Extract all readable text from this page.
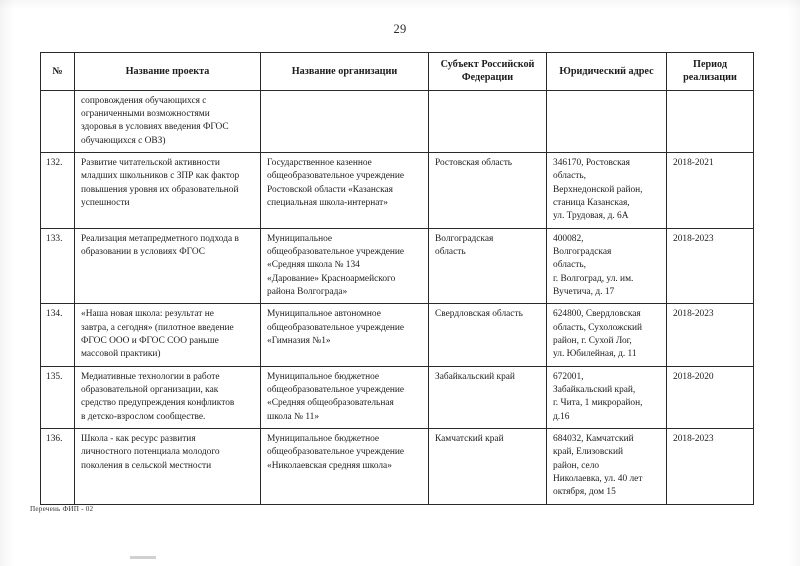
29
№	Название проекта	Название организации	Субъект Российской Федерации	Юридический адрес	Период реализации

	сопровождения обучающихся с
ограниченными возможностями
здоровья в условиях введения ФГОС
обучающихся с ОВЗ)				

132.	Развитие читательской активности
младших школьников с ЗПР как фактор
повышения уровня их образовательной
успешности	Государственное казенное
общеобразовательное учреждение
Ростовской области «Казанская
специальная школа-интернат»	Ростовская область	346170, Ростовская
область,
Верхнедонской район,
станица Казанская,
ул. Трудовая, д. 6А	2018-2021
133.	Реализация метапредметного подхода в
образовании в условиях ФГОС	Муниципальное
общеобразовательное учреждение
«Средняя школа № 134
«Дарование» Красноармейского
района Волгограда»	Волгоградская
область	400082,
Волгоградская
область,
г. Волгоград, ул. им.
Вучетича, д. 17	2018-2023
134.	«Наша новая школа: результат не
завтра, а сегодня» (пилотное введение
ФГОС ООО и ФГОС СОО раньше
массовой практики)	Муниципальное автономное
общеобразовательное учреждение
«Гимназия №1»	Свердловская область	624800, Свердловская
область, Сухоложский
район, г. Сухой Лог,
ул. Юбилейная, д. 11	2018-2023
135.	Медиативные технологии в работе
образовательной организации, как
средство предупреждения конфликтов
в детско-взрослом сообществе.	Муниципальное бюджетное
общеобразовательное учреждение
«Средняя общеобразовательная
школа № 11»	Забайкальский край	672001,
Забайкальский край,
г. Чита, 1 микрорайон,
д.16	2018-2020
136.	Школа - как ресурс развития
личностного потенциала молодого
поколения в сельской местности	Муниципальное бюджетное
общеобразовательное учреждение
«Николаевская средняя школа»	Камчатский край	684032, Камчатский
край, Елизовский
район, село
Николаевка, ул. 40 лет
октября, дом 15	2018-2023
Перечень ФИП - 02
